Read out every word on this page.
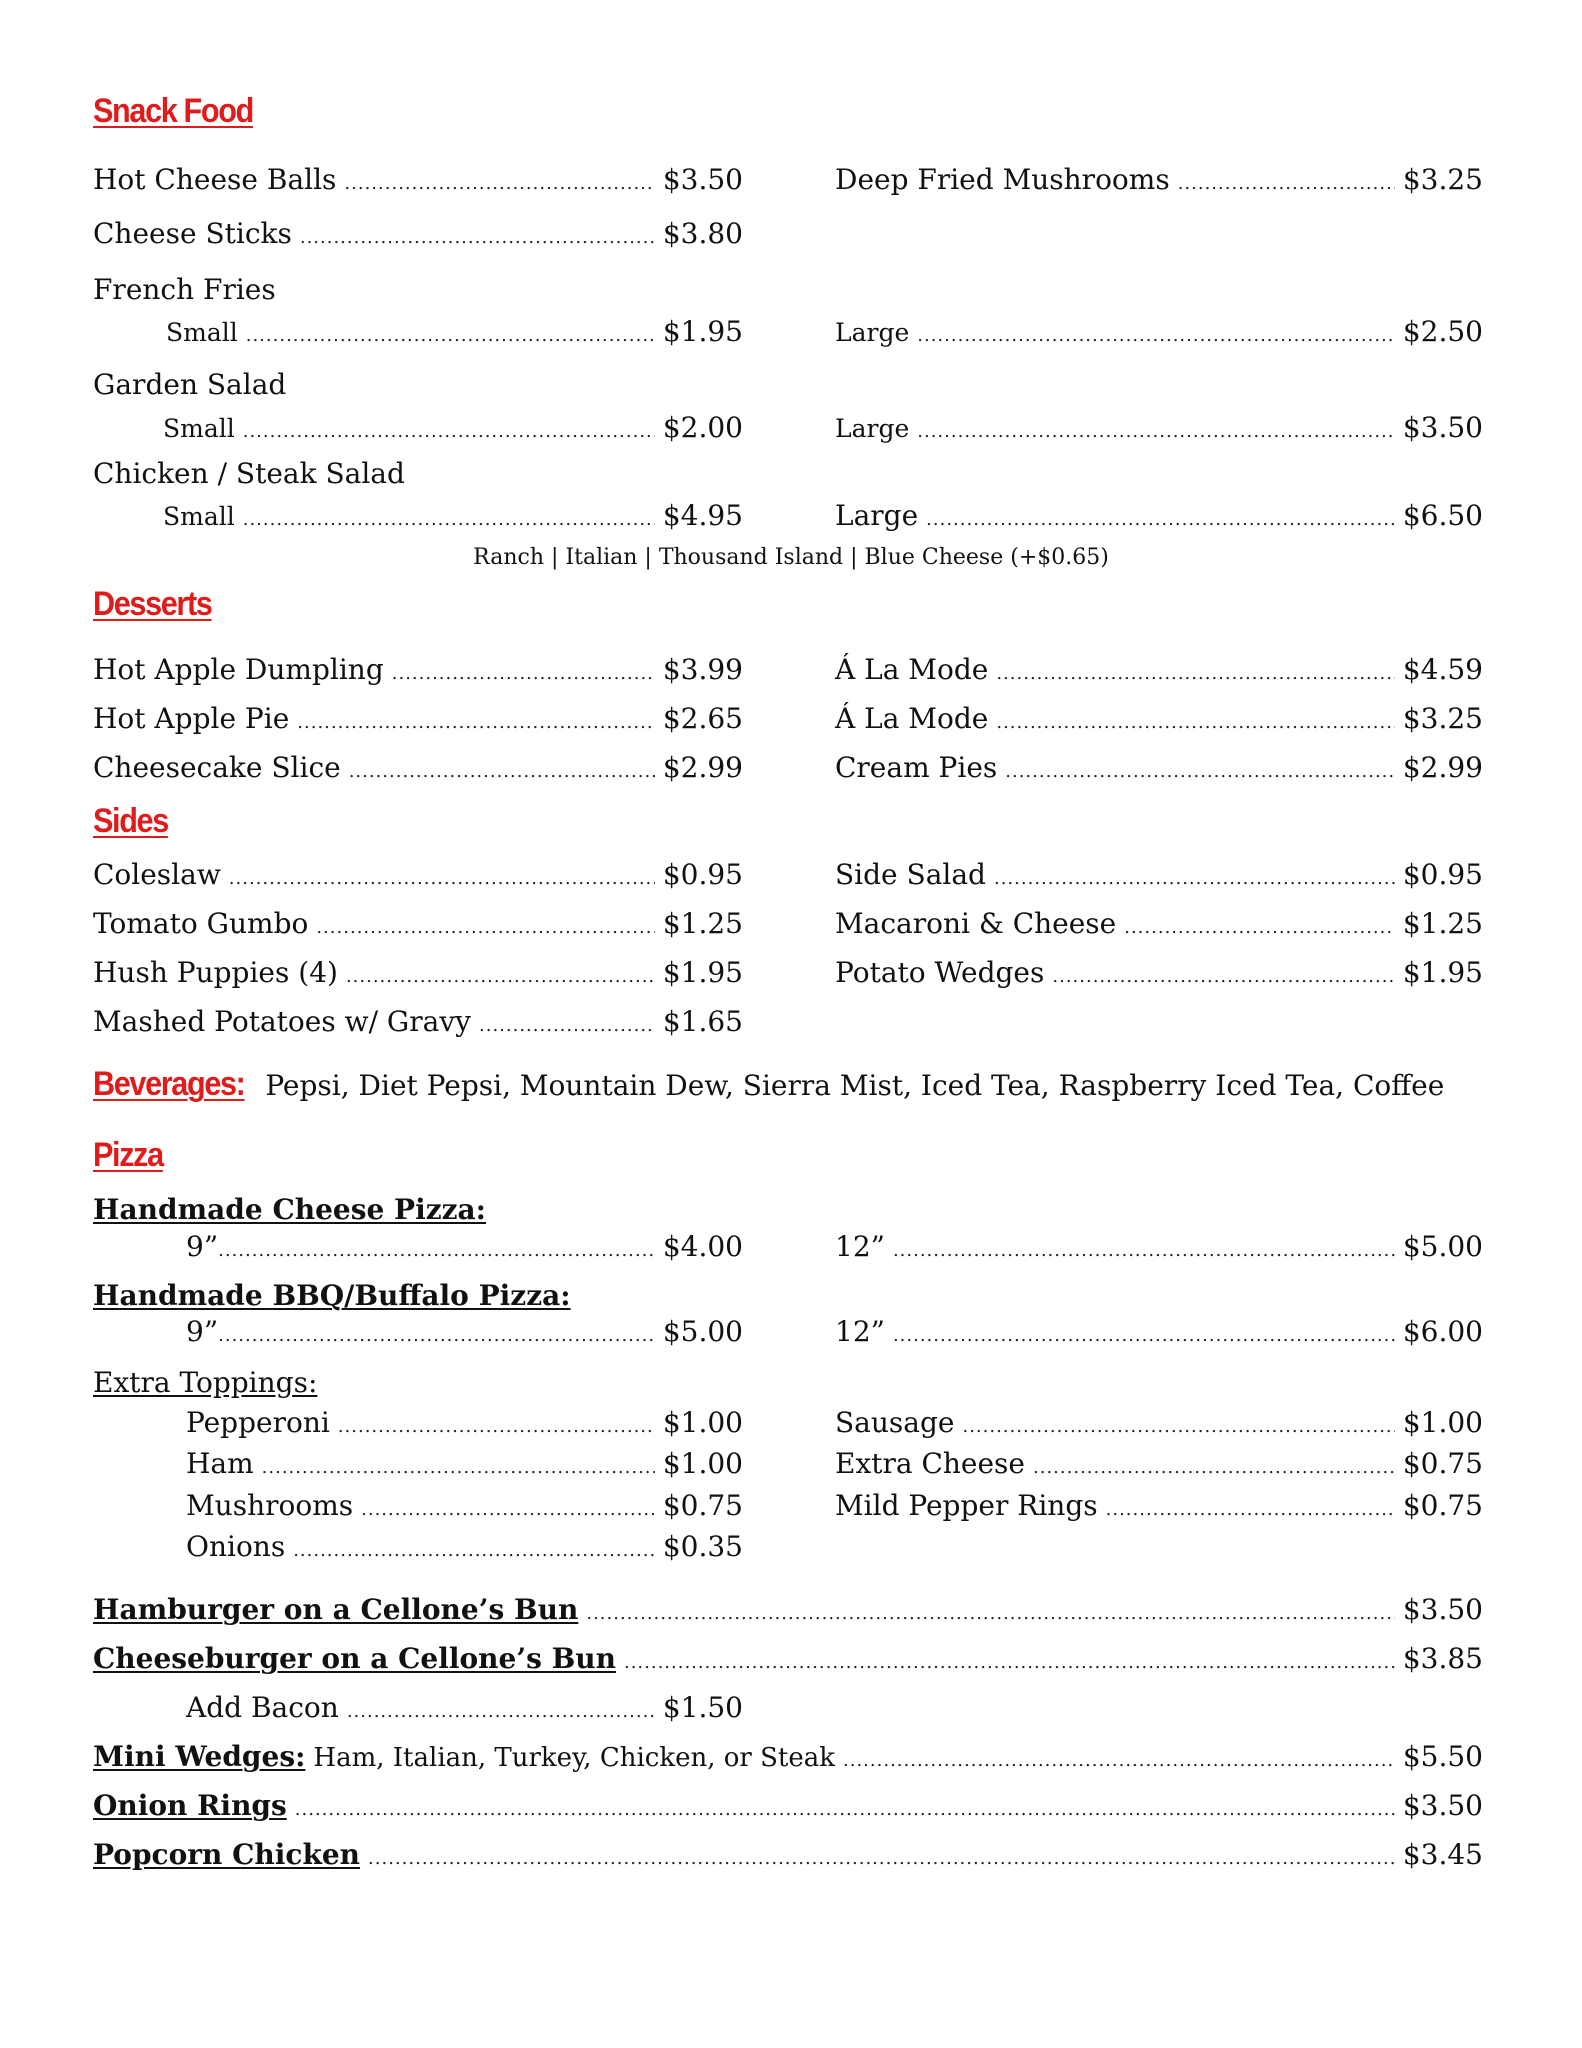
Snack Food
Hot Cheese Balls .....	$3.50	Deep Fried Mushrooms .....	$3.25
Cheese Sticks .....	$3.80
French Fries
Small .....	$1.95	Large .....	$2.50
Garden Salad
Small .....	$2.00	Large .....	$3.50
Chicken / Steak Salad
Small .....	$4.95	Large .....	$6.50
Ranch | Italian | Thousand Island | Blue Cheese (+$0.65)
Desserts
Hot Apple Dumpling .....	$3.99	Á La Mode .....	$4.59
Hot Apple Pie .....	$2.65	Á La Mode .....	$3.25
Cheesecake Slice .....	$2.99	Cream Pies .....	$2.99
Sides
Coleslaw .....	$0.95	Side Salad .....	$0.95
Tomato Gumbo .....	$1.25	Macaroni & Cheese .....	$1.25
Hush Puppies (4) .....	$1.95	Potato Wedges .....	$1.95
Mashed Potatoes w/ Gravy .....	$1.65
Beverages: Pepsi, Diet Pepsi, Mountain Dew, Sierra Mist, Iced Tea, Raspberry Iced Tea, Coffee
Pizza
Handmade Cheese Pizza:
9” .....	$4.00	12” .....	$5.00
Handmade BBQ/Buffalo Pizza:
9” .....	$5.00	12” .....	$6.00
Extra Toppings:
Pepperoni .....	$1.00	Sausage .....	$1.00
Ham .....	$1.00	Extra Cheese .....	$0.75
Mushrooms .....	$0.75	Mild Pepper Rings .....	$0.75
Onions .....	$0.35
Hamburger on a Cellone’s Bun .....	$3.50
Cheeseburger on a Cellone’s Bun .....	$3.85
Add Bacon .....	$1.50
Mini Wedges: Ham, Italian, Turkey, Chicken, or Steak .....	$5.50
Onion Rings .....	$3.50
Popcorn Chicken .....	$3.45
